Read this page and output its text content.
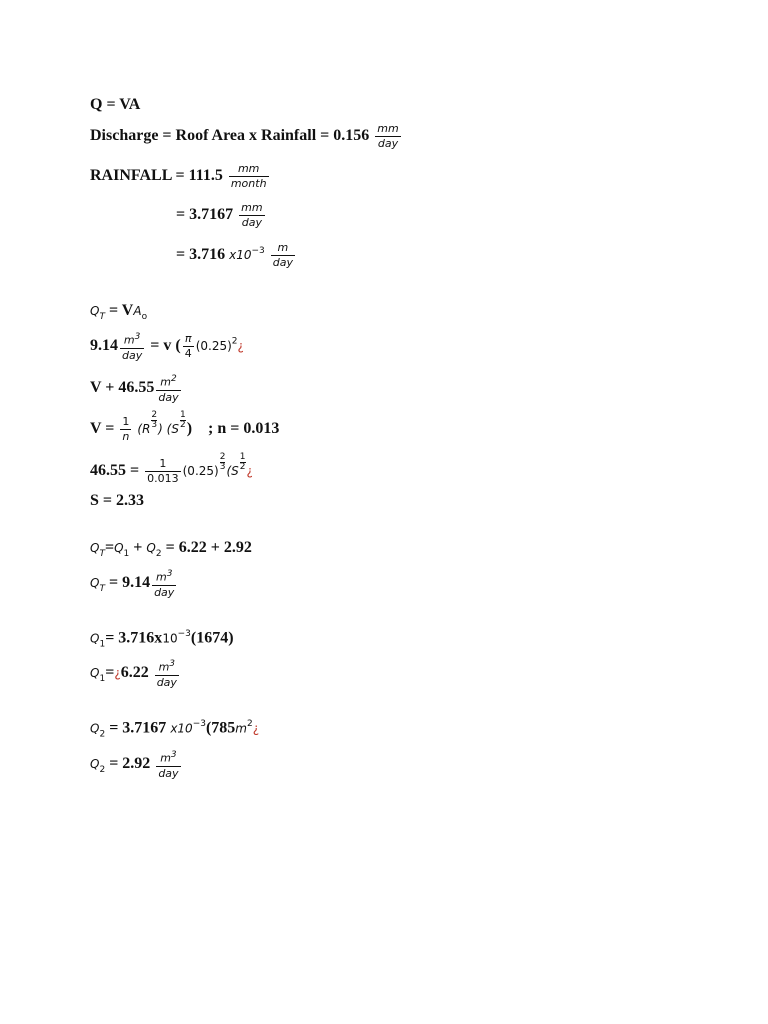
Q = VA
Discharge = Roof Area x Rainfall = $0.156 \frac{mm}{\text{day}}$
RAINFALL = $111.5 \frac{mm}{\text{month}}$
= $3.7167 \frac{mm}{\text{day}}$
= 3.716 $x10^{-3} \frac{m}{\text{day}}$
$Q_T = VA_o$
$9.14 \frac{m^3}{\text{day}} = v$ ( $\frac{\pi}{4}$ $(0.25)^2¿$
$V + 46.55 \frac{m^2}{\text{day}}$
$V = \frac{1}{n} (R \frac{2}{3}$ ) ($S \frac{1}{2}$ ) ; n = 0.013
$46.55 = \frac{1}{0.013} (0.25) \frac{2}{3} (S \frac{1}{2}$ ¿
S = 2.33
$Q_T=Q_1 + Q_2 = 6.22 + 2.92$
$Q_T = 9.14 \frac{m^3}{\text{day}}$
$Q_1= 3.716x10^{-3}(1674)$
$Q_1=¿6.22 \frac{m^3}{\text{day}}$
$Q_2 = 3.7167$ $x10^{-3}(785m^2¿$
$Q_2 = 2.92 \frac{m^3}{\text{day}}$
